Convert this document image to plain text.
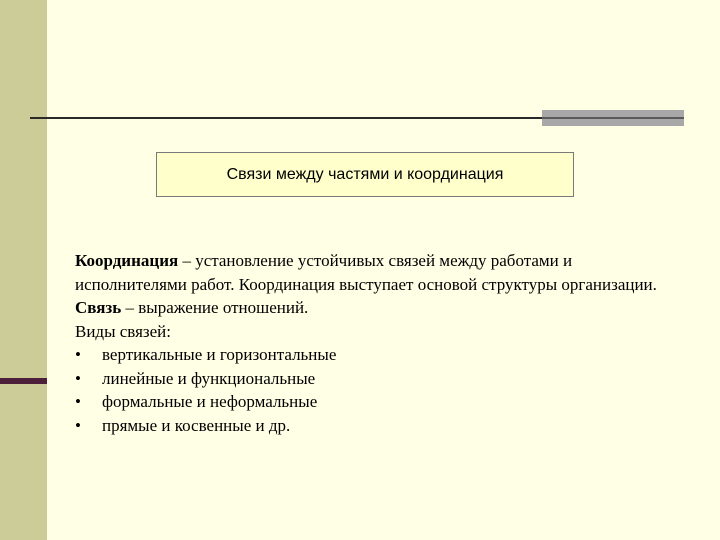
Связи между частями и координация

Координация – установление устойчивых связей между работами и исполнителями работ. Координация выступает основой структуры организации.

Связь – выражение отношений.

Виды связей:

•	вертикальные и горизонтальные
•	линейные и функциональные
•	формальные и неформальные
•	прямые и косвенные и др.
